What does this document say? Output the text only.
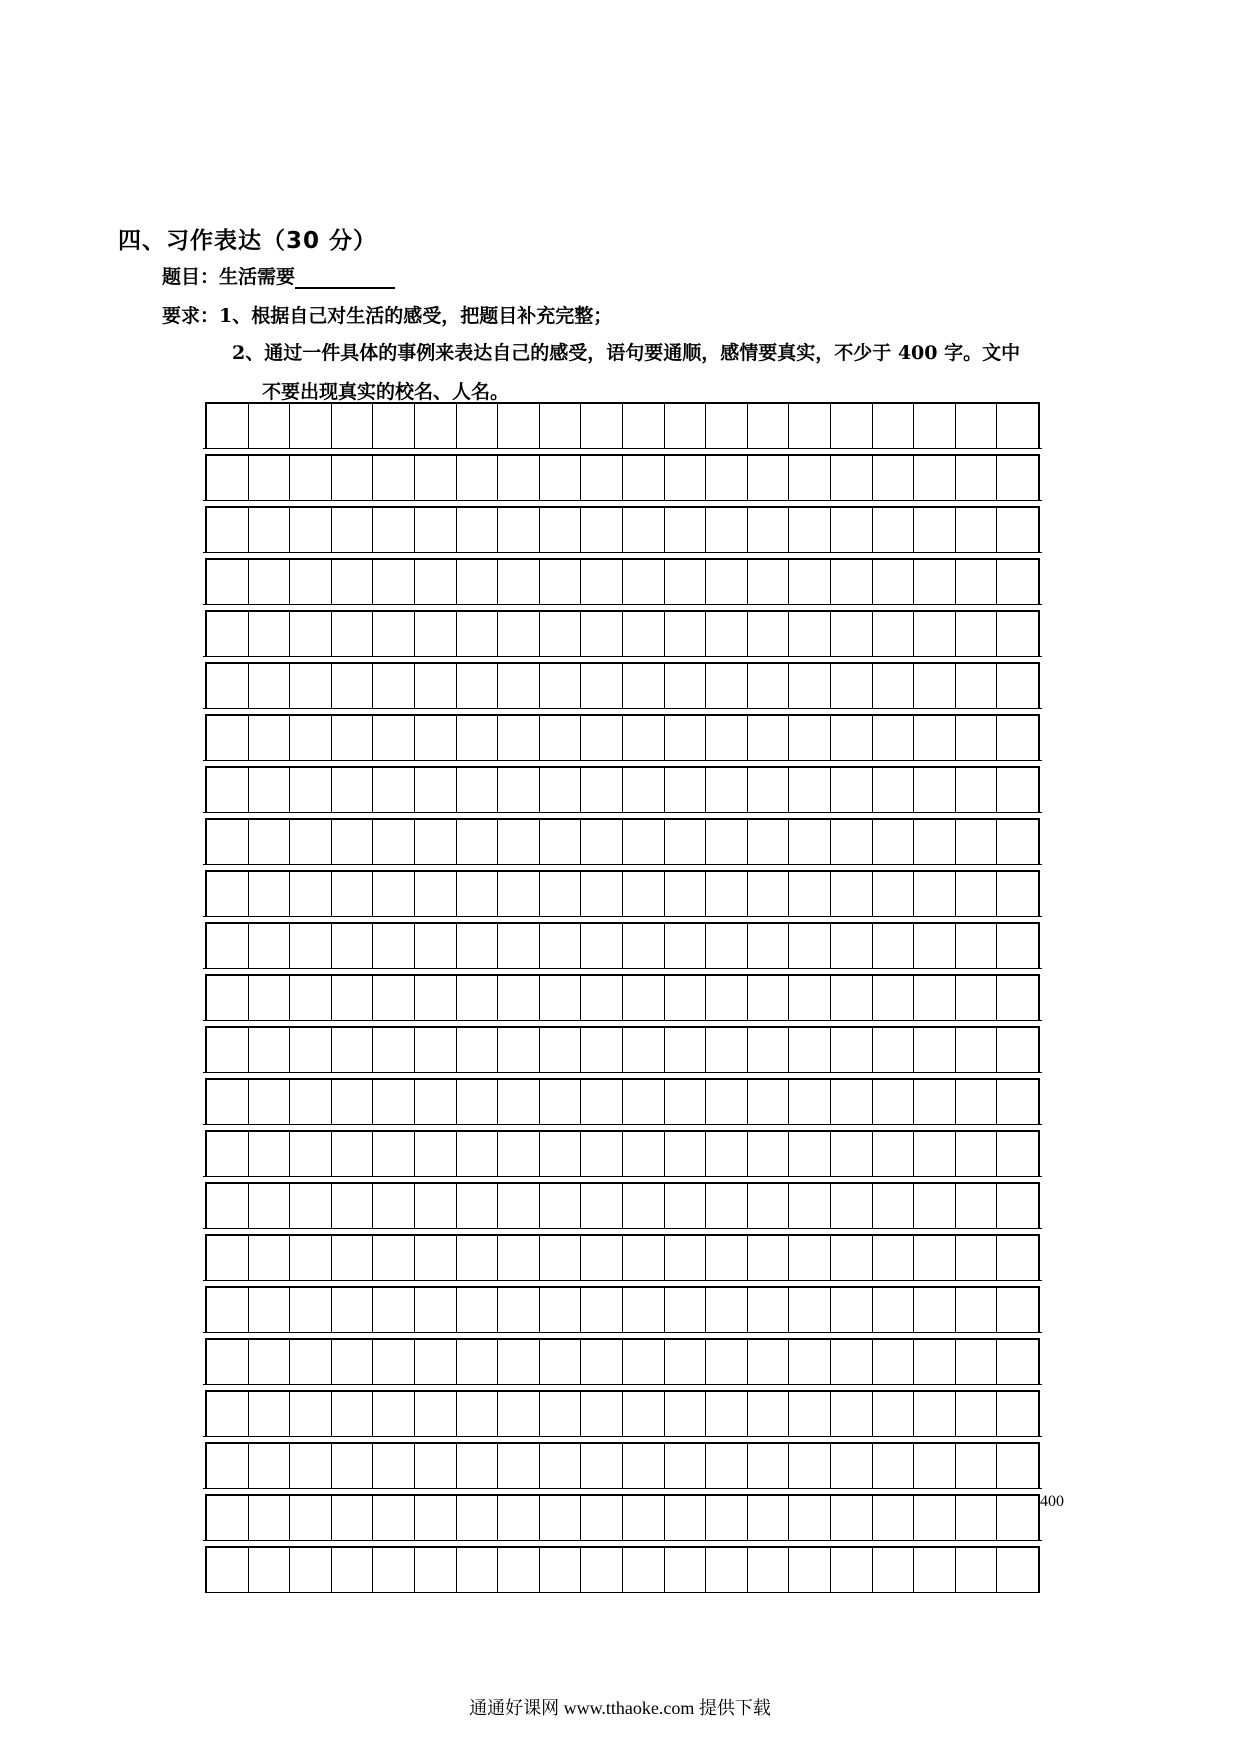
四、习作表达（30 分）
题目：生活需要
要求：1、根据自己对生活的感受，把题目补充完整；
2、通过一件具体的事例来表达自己的感受，语句要通顺，感情要真实，不少于 400 字。文中
不要出现真实的校名、人名。
400
通通好课网 www.tthaoke.com 提供下载
